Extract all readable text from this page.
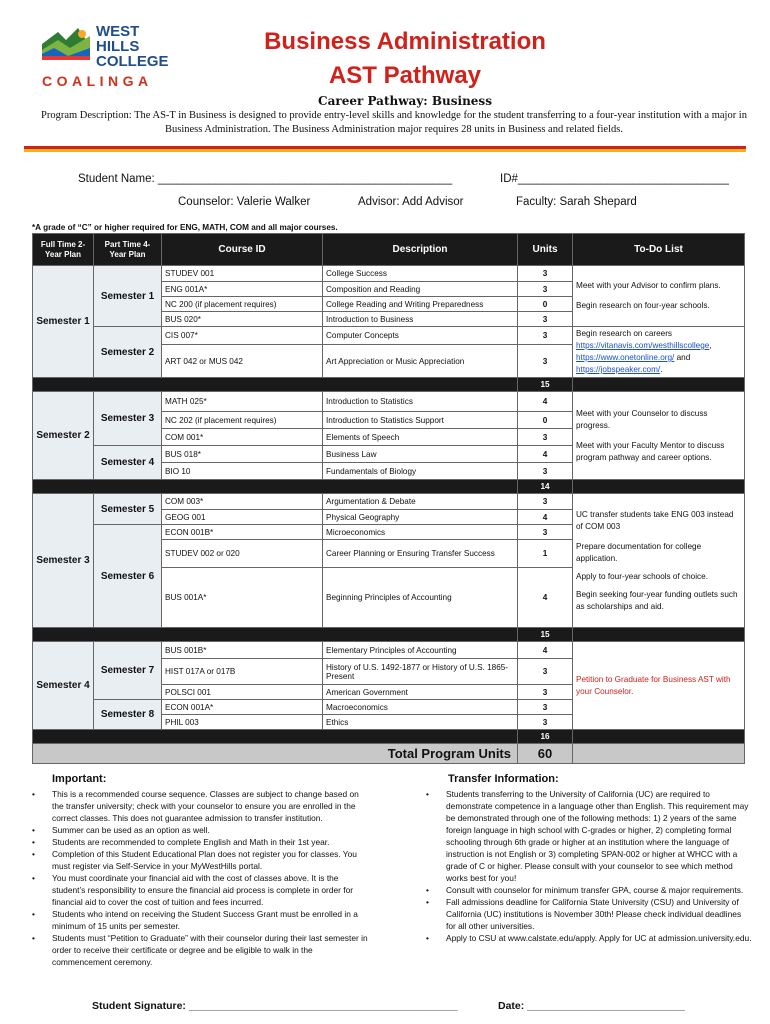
WEST
HILLS
COLLEGE
COALINGA
Business Administration
AST Pathway
Career Pathway: Business
Program Description: The AS-T in Business is designed to provide entry-level skills and knowledge for the student transferring to a four-year institution with a major in Business Administration. The Business Administration major requires 28 units in Business and related fields.
Student Name: ______________________________________________	ID#_________________________________
Counselor: Valerie Walker	Advisor: Add Advisor	Faculty: Sarah Shepard
*A grade of “C” or higher required for ENG, MATH, COM and all major courses.
Full Time 2-Year Plan	Part Time 4-Year Plan	Course ID	Description	Units	To-Do List
Semester 1	Semester 1	STUDEV 001	College Success	3	Meet with your Advisor to confirm plans.
Begin research on four-year schools.

		ENG 001A*	Composition and Reading	3	
		NC 200 (if placement requires)	College Reading and Writing Preparedness	0	
		BUS 020*	Introduction to Business	3	
	Semester 2	CIS 007*	Computer Concepts	3	Begin research on careers
https://vitanavis.com/westhillscollege,
https://www.onetonline.org/ and
https://jobspeaker.com/.

		ART 042 or MUS 042	Art Appreciation or Music Appreciation	3	
				15	
Semester 2	Semester 3	MATH 025*	Introduction to Statistics	4	Meet with your Counselor to discuss progress.
Meet with your Faculty Mentor to discuss program pathway and career options.

		NC 202 (if placement requires)	Introduction to Statistics Support	0	
		COM 001*	Elements of Speech	3	
	Semester 4	BUS 018*	Business Law	4	
		BIO 10	Fundamentals of Biology	3	
				14	
Semester 3	Semester 5	COM 003*	Argumentation & Debate	3	UC transfer students take ENG 003 instead of COM 003
Prepare documentation for college application.
Apply to four-year schools of choice.
Begin seeking four-year funding outlets such as scholarships and aid.

		GEOG 001	Physical Geography	4	
	Semester 6	ECON 001B*	Microeconomics	3	
		STUDEV 002 or 020	Career Planning or Ensuring Transfer Success	1	
		BUS 001A*	Beginning Principles of Accounting	4	
				15	
Semester 4	Semester 7	BUS 001B*	Elementary Principles of Accounting	4	Petition to Graduate for Business AST with your Counselor.
		HIST 017A or 017B	History of U.S. 1492-1877 or History of U.S. 1865-Present	3	
		POLSCI 001	American Government	3	
	Semester 8	ECON 001A*	Macroeconomics	3	
		PHIL 003	Ethics	3	
				16	
Total Program Units				60	
Important:	Transfer Information:
• This is a recommended course sequence. Classes are subject to change based on the transfer university; check with your counselor to ensure you are enrolled in the correct classes. This does not guarantee admission to transfer institution.
• Summer can be used as an option as well.
• Students are recommended to complete English and Math in their 1st year.
• Completion of this Student Educational Plan does not register you for classes. You must register via Self-Service in your MyWestHills portal.
• You must coordinate your financial aid with the cost of classes above. It is the student’s responsibility to ensure the financial aid process is complete in order for financial aid to cover the cost of tuition and fees incurred.
• Students who intend on receiving the Student Success Grant must be enrolled in a minimum of 15 units per semester.
• Students must “Petition to Graduate” with their counselor during their last semester in order to receive their certificate or degree and be eligible to walk in the commencement ceremony.
• Students transferring to the University of California (UC) are required to demonstrate competence in a language other than English. This requirement may be demonstrated through one of the following methods: 1) 2 years of the same foreign language in high school with C-grades or higher, 2) completing formal schooling through 6th grade or higher at an institution where the language of instruction is not English or 3) completing SPAN-002 or higher at WHCC with a grade of C or higher. Please consult with your counselor to see which method works best for you!
• Consult with counselor for minimum transfer GPA, course & major requirements.
• Fall admissions deadline for California State University (CSU) and University of California (UC) institutions is November 30th! Please check individual deadlines for all other universities.
• Apply to CSU at www.calstate.edu/apply. Apply for UC at admission.university.edu.
Student Signature: ______________________________________________	Date: ___________________________
